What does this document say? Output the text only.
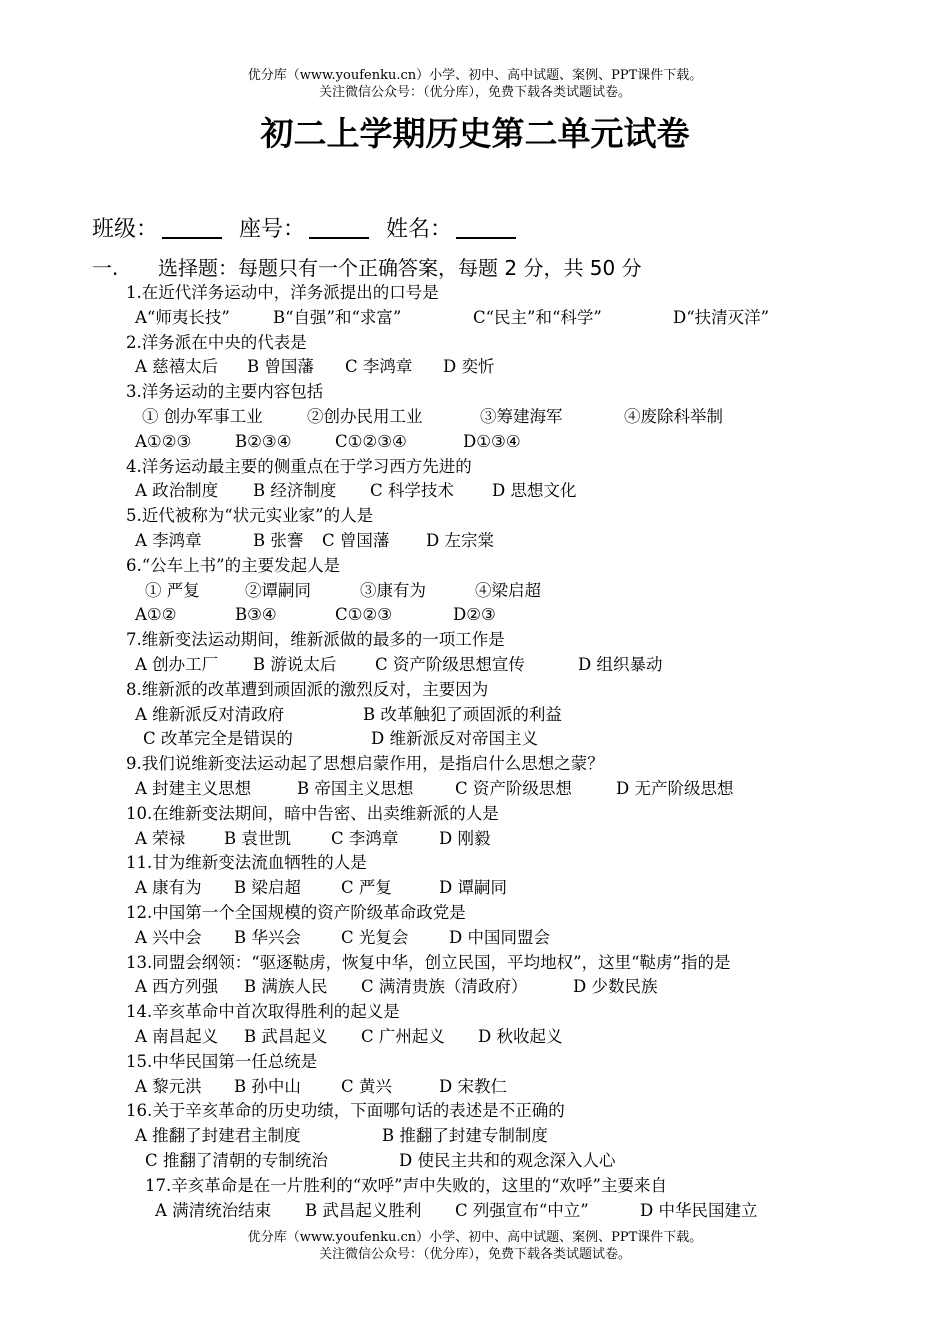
优分库（www.youfenku.cn）小学、初中、高中试题、案例、PPT课件下载。
关注微信公众号：（优分库），免费下载各类试题试卷。
初二上学期历史第二单元试卷
班级：	座号：	姓名：
一. 选择题：每题只有一个正确答案，每题 2 分，共 50 分
1.在近代洋务运动中，洋务派提出的口号是
A“师夷长技”	B“自强”和“求富”	C“民主”和“科学”	D“扶清灭洋”
2.洋务派在中央的代表是
A 慈禧太后 B 曾国藩 C 李鸿章 D 奕忻
3.洋务运动的主要内容包括
① 创办军事工业	②创办民用工业	③筹建海军	④废除科举制
A①②③	B②③④	C①②③④	D①③④
4.洋务运动最主要的侧重点在于学习西方先进的
A 政治制度 B 经济制度 C 科学技术 D 思想文化
5.近代被称为“状元实业家”的人是
A 李鸿章	B 张謇 C 曾国藩 D 左宗棠
6.“公车上书”的主要发起人是
① 严复	②谭嗣同	③康有为	④梁启超
A①②	B③④	C①②③	D②③
7.维新变法运动期间，维新派做的最多的一项工作是
A 创办工厂 B 游说太后 C 资产阶级思想宣传	D 组织暴动
8.维新派的改革遭到顽固派的激烈反对，主要因为
A 维新派反对清政府	B 改革触犯了顽固派的利益
C 改革完全是错误的	D 维新派反对帝国主义
9.我们说维新变法运动起了思想启蒙作用，是指启什么思想之蒙？
A 封建主义思想	B 帝国主义思想	C 资产阶级思想	D 无产阶级思想
10.在维新变法期间，暗中告密、出卖维新派的人是
A 荣禄 B 袁世凯 C 李鸿章 D 刚毅
11.甘为维新变法流血牺牲的人是
A 康有为 B 梁启超 C 严复	D 谭嗣同
12.中国第一个全国规模的资产阶级革命政党是
A 兴中会 B 华兴会 C 光复会 D 中国同盟会
13.同盟会纲领：“驱逐鞑虏，恢复中华，创立民国，平均地权”，这里“鞑虏”指的是
A 西方列强 B 满族人民 C 满清贵族（清政府）	D 少数民族
14.辛亥革命中首次取得胜利的起义是
A 南昌起义 B 武昌起义 C 广州起义 D 秋收起义
15.中华民国第一任总统是
A 黎元洪 B 孙中山 C 黄兴	D 宋教仁
16.关于辛亥革命的历史功绩，下面哪句话的表述是不正确的
A 推翻了封建君主制度	B 推翻了封建专制制度
C 推翻了清朝的专制统治	D 使民主共和的观念深入人心
17.辛亥革命是在一片胜利的“欢呼”声中失败的，这里的“欢呼”主要来自
A 满清统治结束 B 武昌起义胜利 C 列强宣布“中立”	D 中华民国建立
优分库（www.youfenku.cn）小学、初中、高中试题、案例、PPT课件下载。
关注微信公众号：（优分库），免费下载各类试题试卷。
